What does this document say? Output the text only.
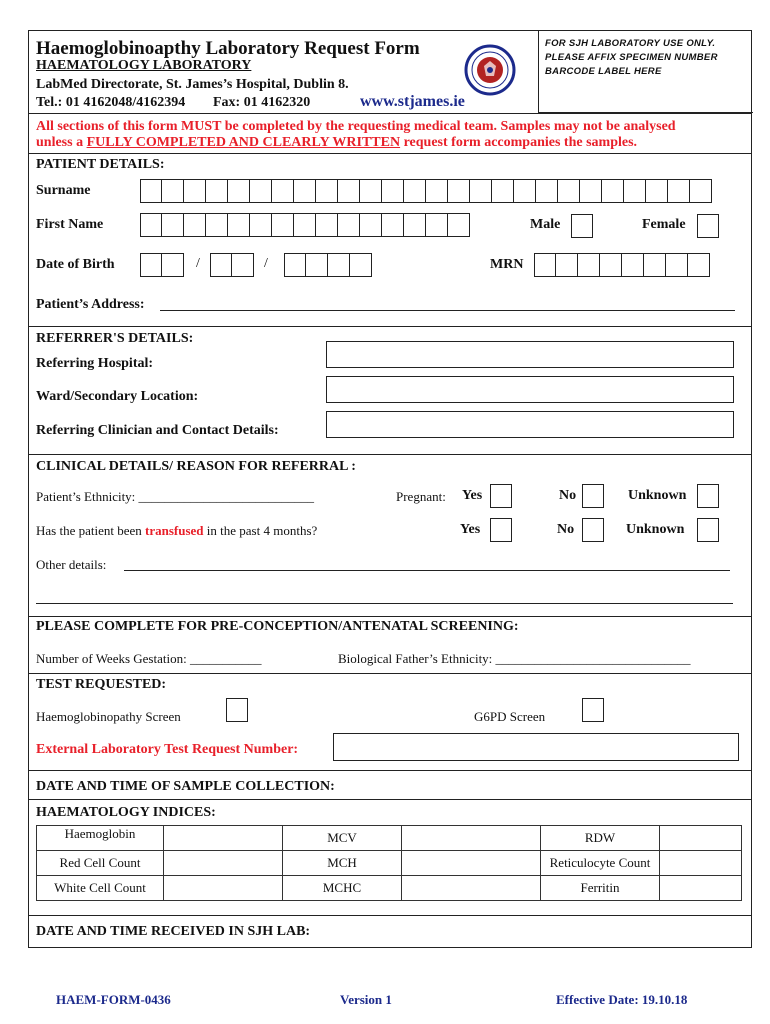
Haemoglobinoapthy Laboratory Request Form
HAEMATOLOGY LABORATORY
LabMed Directorate, St. James’s Hospital, Dublin 8.
Tel.: 01 4162048/4162394 Fax: 01 4162320	www.stjames.ie
FOR SJH LABORATORY USE ONLY.
PLEASE AFFIX SPECIMEN NUMBER
BARCODE LABEL HERE
All sections of this form MUST be completed by the requesting medical team. Samples may not be analysed
unless a FULLY COMPLETED AND CLEARLY WRITTEN request form accompanies the samples.
PATIENT DETAILS:
Surname
First Name	Male	Female
Date of Birth	/	/	MRN
Patient’s Address:
REFERRER'S DETAILS:
Referring Hospital:
Ward/Secondary Location:
Referring Clinician and Contact Details:
CLINICAL DETAILS/ REASON FOR REFERRAL :
Patient’s Ethnicity: ___________________________	Pregnant: Yes	No	Unknown
Has the patient been transfused in the past 4 months?	Yes	No	Unknown
Other details:
PLEASE COMPLETE FOR PRE-CONCEPTION/ANTENATAL SCREENING:
Number of Weeks Gestation: ___________	Biological Father’s Ethnicity: ______________________________
TEST REQUESTED:
Haemoglobinopathy Screen	G6PD Screen
External Laboratory Test Request Number:
DATE AND TIME OF SAMPLE COLLECTION:
HAEMATOLOGY INDICES:
Haemoglobin		MCV		RDW	
Red Cell Count		MCH		Reticulocyte Count	
White Cell Count		MCHC		Ferritin	
DATE AND TIME RECEIVED IN SJH LAB:
HAEM-FORM-0436	Version 1	Effective Date: 19.10.18
